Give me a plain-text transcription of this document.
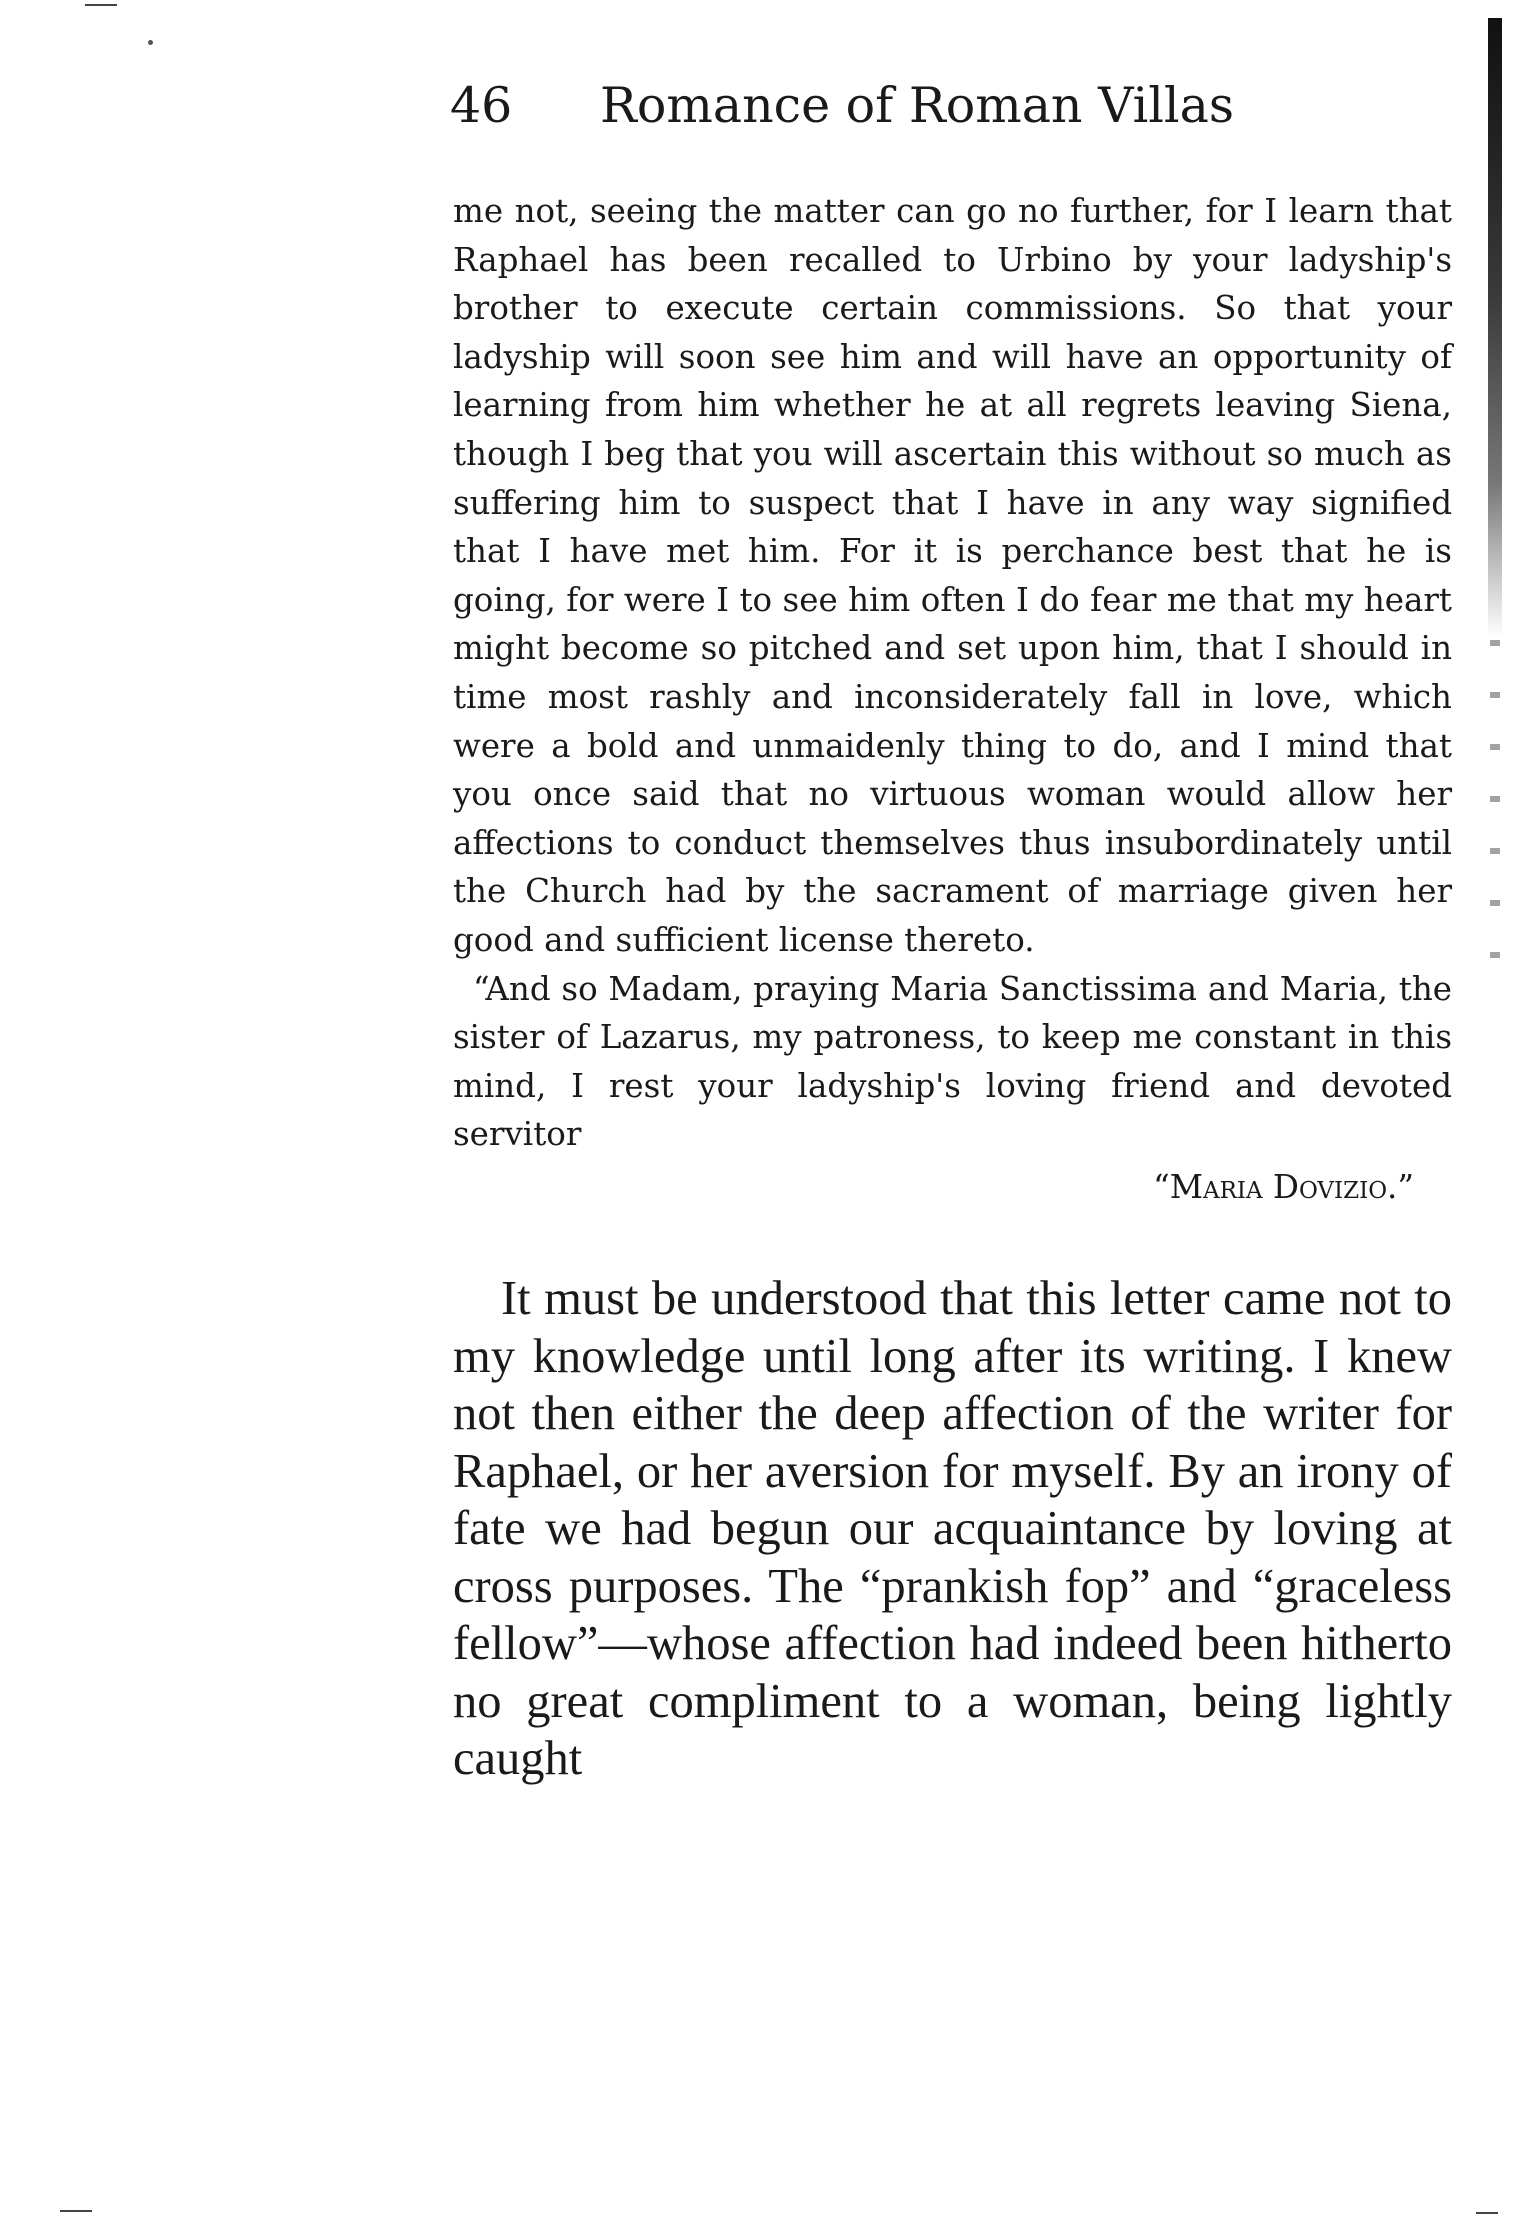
46 Romance of Roman Villas

me not, seeing the matter can go no further, for I learn that Raphael has been recalled to Urbino by your ladyship's brother to execute certain commissions. So that your ladyship will soon see him and will have an opportunity of learning from him whether he at all regrets leaving Siena, though I beg that you will ascertain this without so much as suffering him to suspect that I have in any way signified that I have met him. For it is perchance best that he is going, for were I to see him often I do fear me that my heart might become so pitched and set upon him, that I should in time most rashly and inconsiderately fall in love, which were a bold and unmaidenly thing to do, and I mind that you once said that no virtuous woman would allow her affections to conduct themselves thus insubordinately until the Church had by the sacrament of marriage given her good and sufficient license thereto.

“And so Madam, praying Maria Sanctissima and Maria, the sister of Lazarus, my patroness, to keep me constant in this mind, I rest your ladyship's loving friend and devoted servitor

“Maria Dovizio.”

It must be understood that this letter came not to my knowledge until long after its writing. I knew not then either the deep affection of the writer for Raphael, or her aversion for myself. By an irony of fate we had begun our acquaintance by loving at cross purposes. The “prankish fop” and “graceless fellow”—whose affection had indeed been hitherto no great compliment to a woman, being lightly caught
